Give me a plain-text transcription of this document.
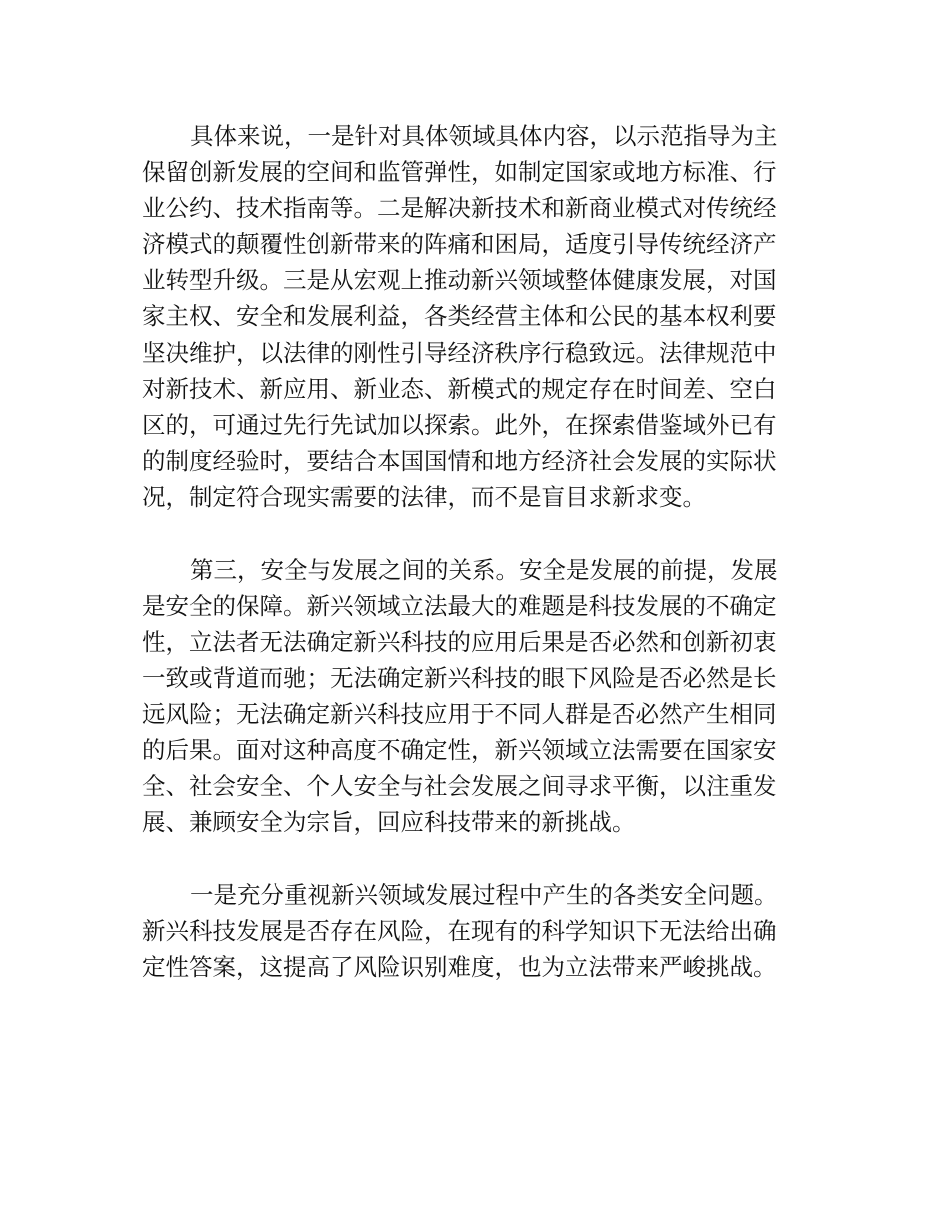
具体来说，一是针对具体领域具体内容，以示范指导为主
保留创新发展的空间和监管弹性，如制定国家或地方标准、行
业公约、技术指南等。二是解决新技术和新商业模式对传统经
济模式的颠覆性创新带来的阵痛和困局，适度引导传统经济产
业转型升级。三是从宏观上推动新兴领域整体健康发展，对国
家主权、安全和发展利益，各类经营主体和公民的基本权利要
坚决维护，以法律的刚性引导经济秩序行稳致远。法律规范中
对新技术、新应用、新业态、新模式的规定存在时间差、空白
区的，可通过先行先试加以探索。此外，在探索借鉴域外已有
的制度经验时，要结合本国国情和地方经济社会发展的实际状
况，制定符合现实需要的法律，而不是盲目求新求变。
第三，安全与发展之间的关系。安全是发展的前提，发展
是安全的保障。新兴领域立法最大的难题是科技发展的不确定
性，立法者无法确定新兴科技的应用后果是否必然和创新初衷
一致或背道而驰；无法确定新兴科技的眼下风险是否必然是长
远风险；无法确定新兴科技应用于不同人群是否必然产生相同
的后果。面对这种高度不确定性，新兴领域立法需要在国家安
全、社会安全、个人安全与社会发展之间寻求平衡，以注重发
展、兼顾安全为宗旨，回应科技带来的新挑战。
一是充分重视新兴领域发展过程中产生的各类安全问题。
新兴科技发展是否存在风险，在现有的科学知识下无法给出确
定性答案，这提高了风险识别难度，也为立法带来严峻挑战。
